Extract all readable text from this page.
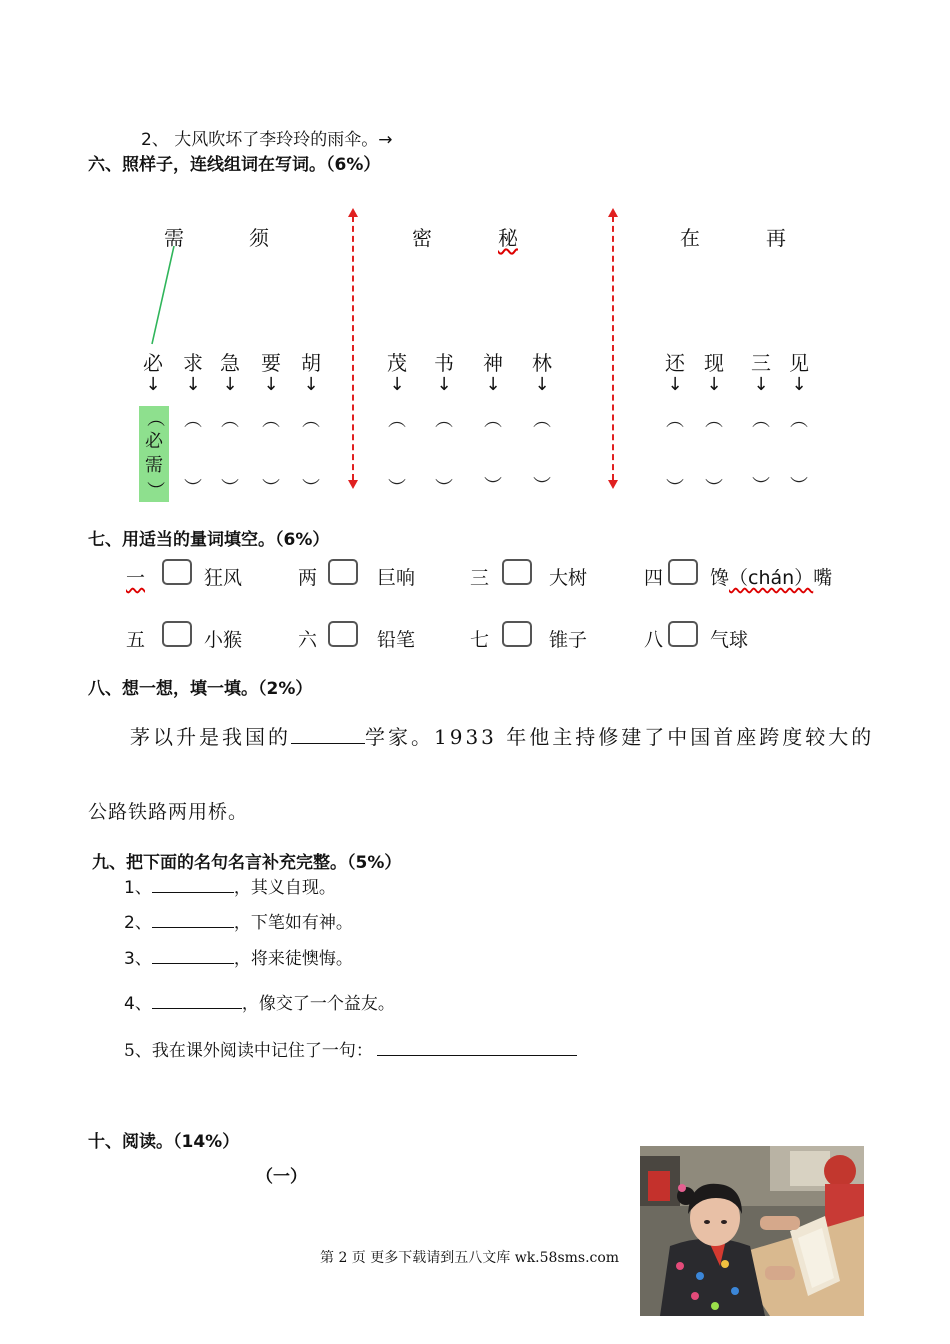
2、 大风吹坏了李玲玲的雨伞。→
六、照样子，连线组词在写词。（6%）
需	须	密	秘	在	再
必 求 急 要 胡	茂 书 神 林	还 现 三 见
↓ ↓ ↓ ↓ ↓	↓ ↓ ↓ ↓	↓ ↓ ↓ ↓
（
必
需
）
︵ ︵ ︵ ︵	︵ ︵ ︵ ︵	︵ ︵ ︵ ︵
︶ ︶ ︶ ︶	︶ ︶ ︶ ︶	︶ ︶ ︶ ︶
七、用适当的量词填空。（6%）
一	狂风	两	巨响	三	大树	四 馋（chán）嘴
五	小猴	六	铅笔	七	锥子	八 气球
八、想一想，填一填。（2%）
茅以升是我国的	学家。1933 年他主持修建了中国首座跨度较大的
公路铁路两用桥。
九、把下面的名句名言补充完整。（5%）
1、	，其义自现。
2、	，下笔如有神。
3、	，将来徒懊悔。
4、	，像交了一个益友。
5、我在课外阅读中记住了一句：
十、阅读。（14%）
（一）
第 2 页 更多下载请到五八文库 wk.58sms.com
